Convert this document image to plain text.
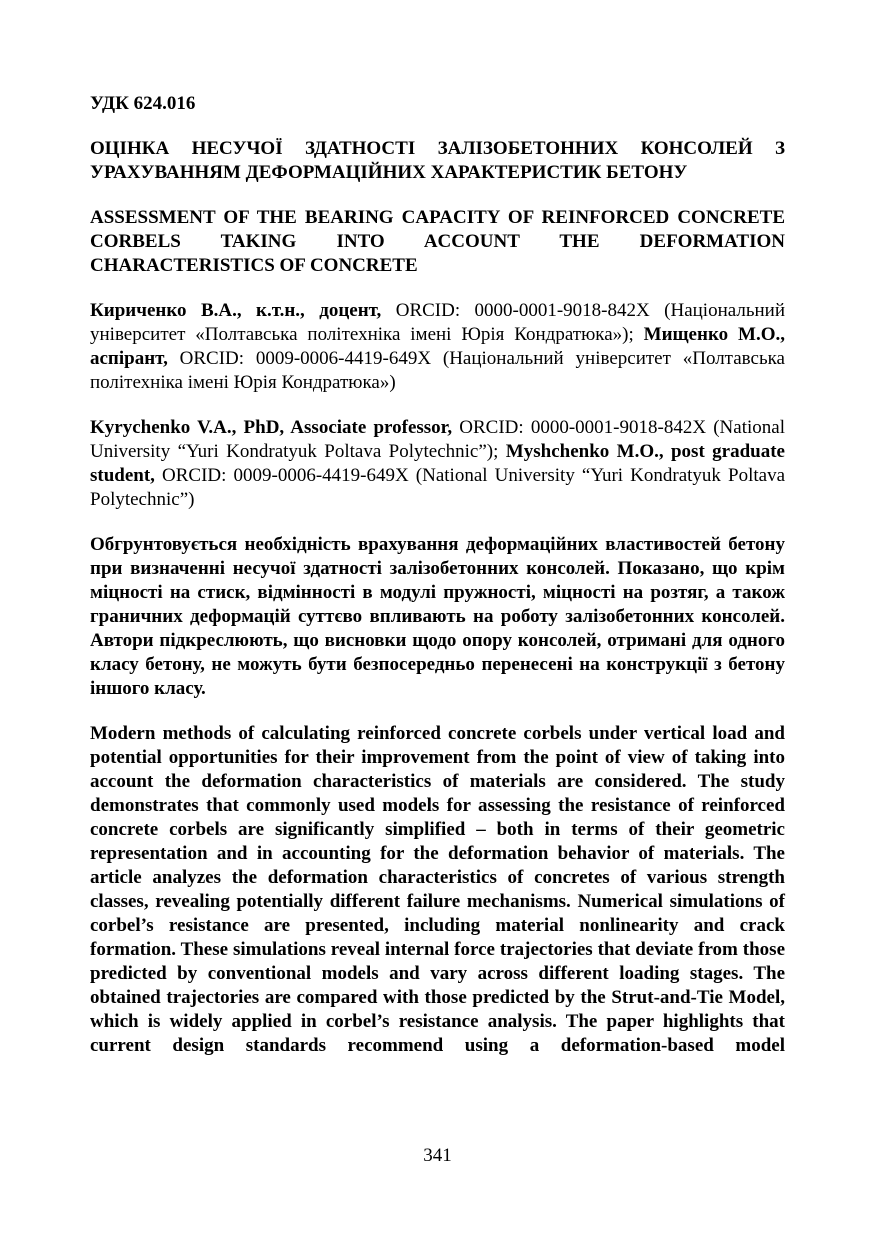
УДК 624.016

ОЦІНКА НЕСУЧОЇ ЗДАТНОСТІ ЗАЛІЗОБЕТОННИХ КОНСОЛЕЙ З УРАХУВАННЯМ ДЕФОРМАЦІЙНИХ ХАРАКТЕРИСТИК БЕТОНУ

ASSESSMENT OF THE BEARING CAPACITY OF REINFORCED CONCRETE CORBELS TAKING INTO ACCOUNT THE DEFORMATION CHARACTERISTICS OF CONCRETE

Кириченко В.А., к.т.н., доцент, ORCID: 0000-0001-9018-842X (Національний університет «Полтавська політехніка імені Юрія Кондратюка»); Мищенко М.О., аспірант, ORCID: 0009-0006-4419-649X (Національний університет «Полтавська політехніка імені Юрія Кондратюка»)

Kyrychenko V.A., PhD, Associate professor, ORCID: 0000-0001-9018-842X (National University “Yuri Kondratyuk Poltava Polytechnic”); Myshchenko M.O., post graduate student, ORCID: 0009-0006-4419-649X (National University “Yuri Kondratyuk Poltava Polytechnic”)

Обгрунтовується необхідність врахування деформаційних властивостей бетону при визначенні несучої здатності залізобетонних консолей. Показано, що крім міцності на стиск, відмінності в модулі пружності, міцності на розтяг, а також граничних деформацій суттєво впливають на роботу залізобетонних консолей. Автори підкреслюють, що висновки щодо опору консолей, отримані для одного класу бетону, не можуть бути безпосередньо перенесені на конструкції з бетону іншого класу.

Modern methods of calculating reinforced concrete corbels under vertical load and potential opportunities for their improvement from the point of view of taking into account the deformation characteristics of materials are considered. The study demonstrates that commonly used models for assessing the resistance of reinforced concrete corbels are significantly simplified – both in terms of their geometric representation and in accounting for the deformation behavior of materials. The article analyzes the deformation characteristics of concretes of various strength classes, revealing potentially different failure mechanisms. Numerical simulations of corbel’s resistance are presented, including material nonlinearity and crack formation. These simulations reveal internal force trajectories that deviate from those predicted by conventional models and vary across different loading stages. The obtained trajectories are compared with those predicted by the Strut-and-Tie Model, which is widely applied in corbel’s resistance analysis. The paper highlights that current design standards recommend using a deformation-based model

341
